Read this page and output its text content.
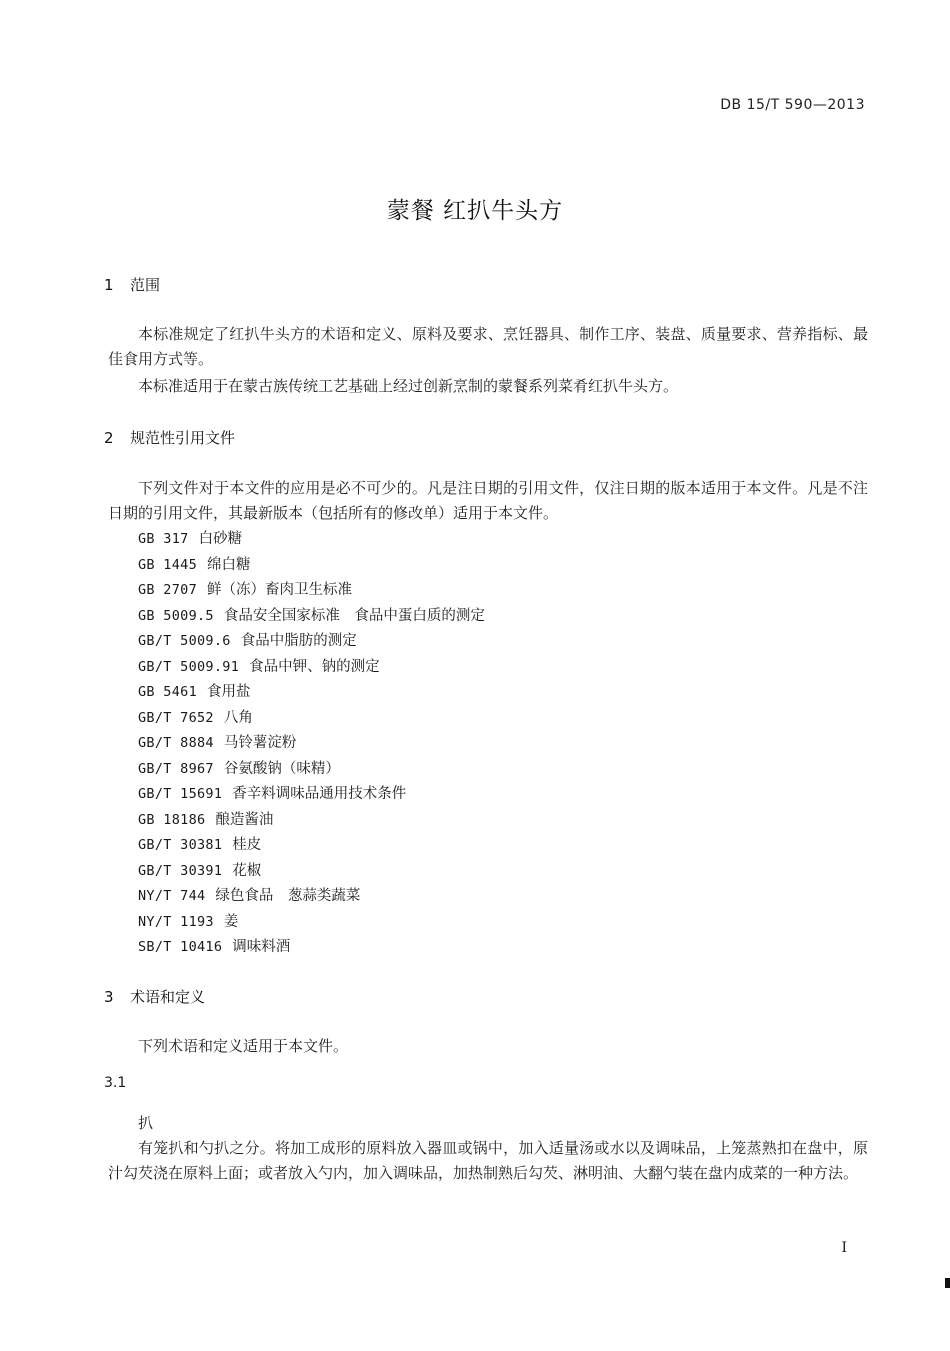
DB 15/T 590—2013
蒙餐 红扒牛头方
1 范围
本标准规定了红扒牛头方的术语和定义、原料及要求、烹饪器具、制作工序、装盘、质量要求、营养指标、最佳食用方式等。
本标准适用于在蒙古族传统工艺基础上经过创新烹制的蒙餐系列菜肴红扒牛头方。
2 规范性引用文件
下列文件对于本文件的应用是必不可少的。凡是注日期的引用文件，仅注日期的版本适用于本文件。凡是不注日期的引用文件，其最新版本（包括所有的修改单）适用于本文件。
GB 317 白砂糖
GB 1445 绵白糖
GB 2707 鲜（冻）畜肉卫生标准
GB 5009.5 食品安全国家标准　食品中蛋白质的测定
GB/T 5009.6 食品中脂肪的测定
GB/T 5009.91 食品中钾、钠的测定
GB 5461 食用盐
GB/T 7652 八角
GB/T 8884 马铃薯淀粉
GB/T 8967 谷氨酸钠（味精）
GB/T 15691 香辛料调味品通用技术条件
GB 18186 酿造酱油
GB/T 30381 桂皮
GB/T 30391 花椒
NY/T 744 绿色食品　葱蒜类蔬菜
NY/T 1193 姜
SB/T 10416 调味料酒
3 术语和定义
下列术语和定义适用于本文件。
3.1
扒
有笼扒和勺扒之分。将加工成形的原料放入器皿或锅中，加入适量汤或水以及调味品，上笼蒸熟扣在盘中，原汁勾芡浇在原料上面；或者放入勺内，加入调味品，加热制熟后勾芡、淋明油、大翻勺装在盘内成菜的一种方法。
I
